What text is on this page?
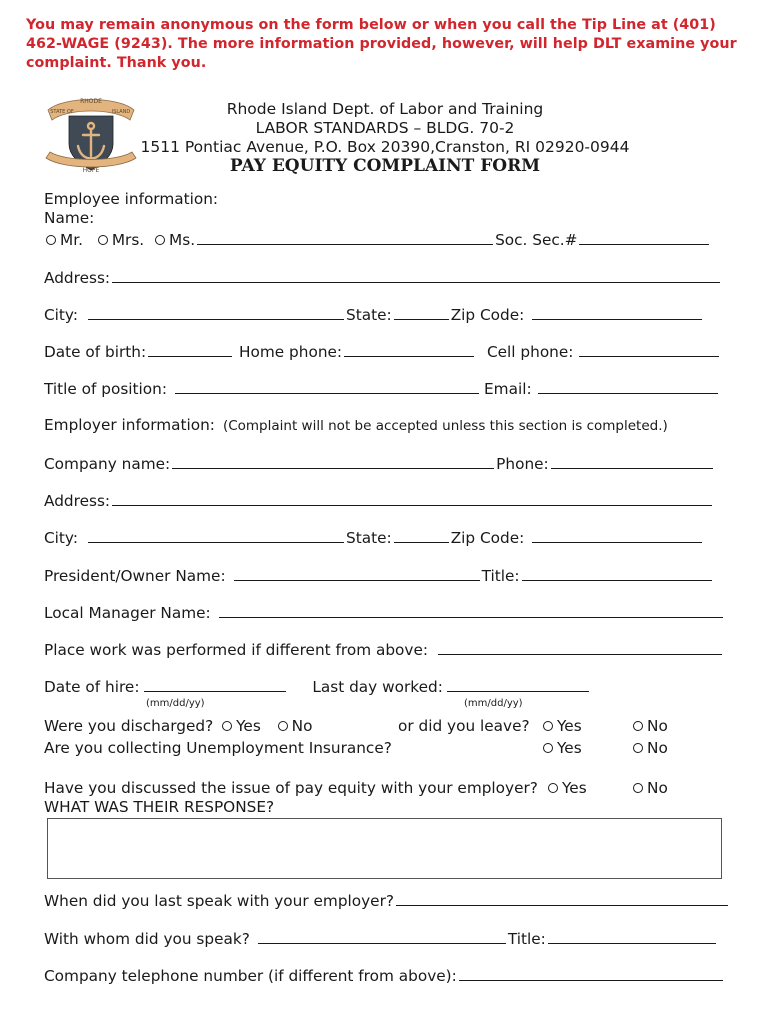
You may remain anonymous on the form below or when you call the Tip Line at (401) 462-WAGE (9243). The more information provided, however, will help DLT examine your complaint. Thank you.
RHODE
STATE OF	ISLAND
HOPE
Rhode Island Dept. of Labor and Training
LABOR STANDARDS – BLDG. 70-2
1511 Pontiac Avenue, P.O. Box 20390,Cranston, RI 02920-0944
PAY EQUITY COMPLAINT FORM
Employee information:
Name:
Mr. Mrs. Ms.	Soc. Sec.#
Address:
City:	State:	Zip Code:
Date of birth:	Home phone:	Cell phone:
Title of position:	Email:
Employer information: (Complaint will not be accepted unless this section is completed.)
Company name:	Phone:
Address:
City:	State:	Zip Code:
President/Owner Name:	Title:
Local Manager Name:
Place work was performed if different from above:
Date of hire:	Last day worked:
(mm/dd/yy)	(mm/dd/yy)
Were you discharged? Yes No	or did you leave?	Yes	No
Are you collecting Unemployment Insurance?	Yes	No
Have you discussed the issue of pay equity with your employer?	Yes	No
WHAT WAS THEIR RESPONSE?
When did you last speak with your employer?
With whom did you speak?	Title:
Company telephone number (if different from above):
